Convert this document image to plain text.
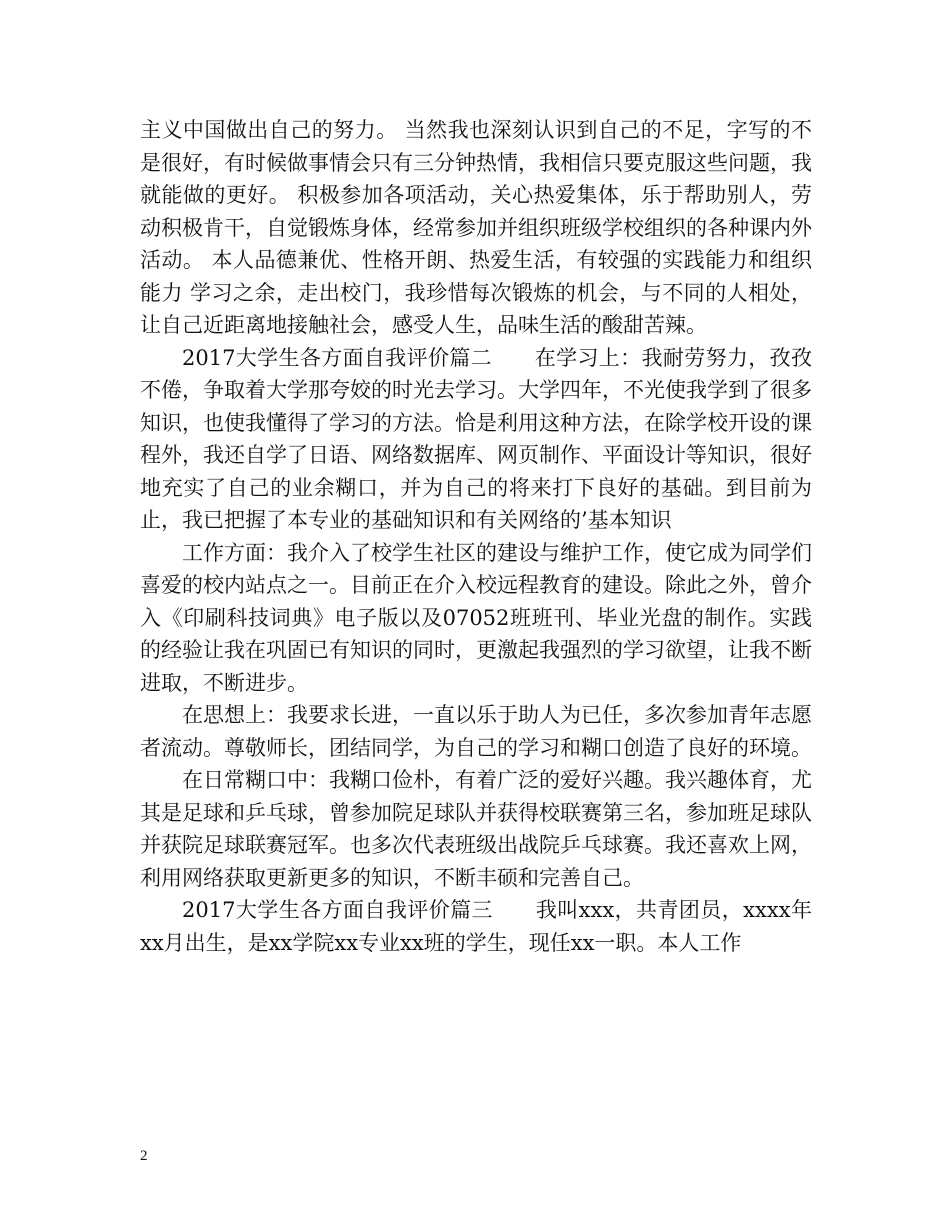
主义中国做出自己的努力。 当然我也深刻认识到自己的不足，字写的不是很好，有时候做事情会只有三分钟热情，我相信只要克服这些问题，我就能做的更好。 积极参加各项活动，关心热爱集体，乐于帮助别人，劳动积极肯干，自觉锻炼身体，经常参加并组织班级学校组织的各种课内外活动。 本人品德兼优、性格开朗、热爱生活，有较强的实践能力和组织能力 学习之余，走出校门，我珍惜每次锻炼的机会，与不同的人相处，让自己近距离地接触社会，感受人生，品味生活的酸甜苦辣。

2017大学生各方面自我评价篇二　　在学习上：我耐劳努力，孜孜不倦，争取着大学那夸姣的时光去学习。大学四年，不光使我学到了很多知识，也使我懂得了学习的方法。恰是利用这种方法，在除学校开设的课程外，我还自学了日语、网络数据库、网页制作、平面设计等知识，很好地充实了自己的业余糊口，并为自己的将来打下良好的基础。到目前为止，我已把握了本专业的基础知识和有关网络的’基本知识

工作方面：我介入了校学生社区的建设与维护工作，使它成为同学们喜爱的校内站点之一。目前正在介入校远程教育的建设。除此之外，曾介入《印刷科技词典》电子版以及07052班班刊、毕业光盘的制作。实践的经验让我在巩固已有知识的同时，更激起我强烈的学习欲望，让我不断进取，不断进步。

在思想上：我要求长进，一直以乐于助人为已任，多次参加青年志愿者流动。尊敬师长，团结同学，为自己的学习和糊口创造了良好的环境。

在日常糊口中：我糊口俭朴，有着广泛的爱好兴趣。我兴趣体育，尤其是足球和乒乓球，曾参加院足球队并获得校联赛第三名，参加班足球队并获院足球联赛冠军。也多次代表班级出战院乒乓球赛。我还喜欢上网，利用网络获取更新更多的知识，不断丰硕和完善自己。

2017大学生各方面自我评价篇三　　我叫xxx，共青团员，xxxx年xx月出生，是xx学院xx专业xx班的学生，现任xx一职。本人工作

2
